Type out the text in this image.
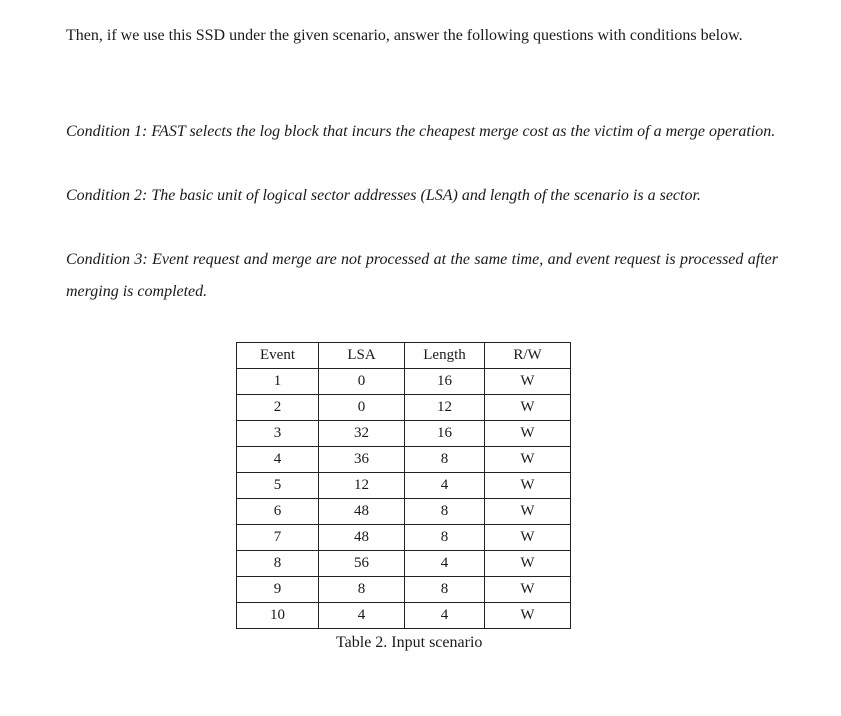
Then, if we use this SSD under the given scenario, answer the following questions with conditions below.

Condition 1: FAST selects the log block that incurs the cheapest merge cost as the victim of a merge operation.

Condition 2: The basic unit of logical sector addresses (LSA) and length of the scenario is a sector.

Condition 3: Event request and merge are not processed at the same time, and event request is processed after merging is completed.

Event	LSA	Length	R/W
1	0	16	W
2	0	12	W
3	32	16	W
4	36	8	W
5	12	4	W
6	48	8	W
7	48	8	W
8	56	4	W
9	8	8	W
10	4	4	W
Table 2. Input scenario
